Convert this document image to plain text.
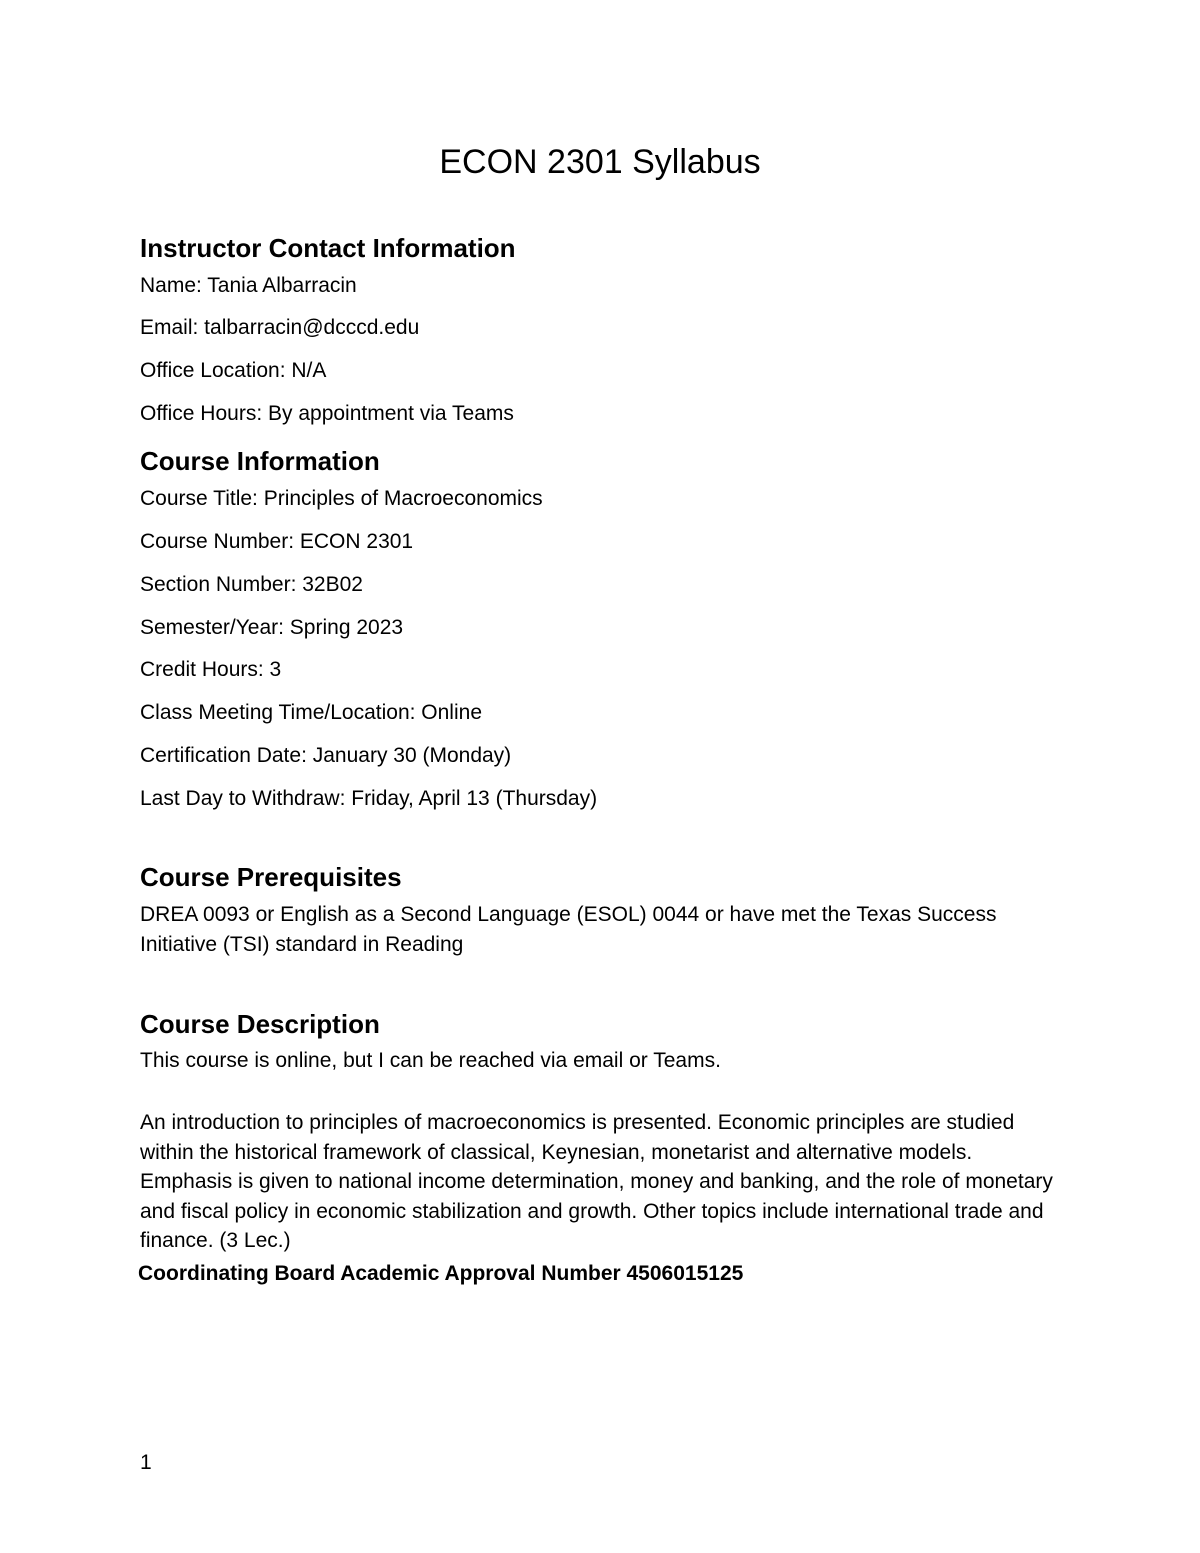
ECON 2301 Syllabus
Instructor Contact Information

Name: Tania Albarracin

Email: talbarracin@dcccd.edu

Office Location: N/A

Office Hours: By appointment via Teams

Course Information

Course Title: Principles of Macroeconomics

Course Number: ECON 2301

Section Number: 32B02

Semester/Year: Spring 2023

Credit Hours: 3

Class Meeting Time/Location: Online

Certification Date: January 30 (Monday)

Last Day to Withdraw: Friday, April 13 (Thursday)

Course Prerequisites

DREA 0093 or English as a Second Language (ESOL) 0044 or have met the Texas Success Initiative (TSI) standard in Reading

Course Description

This course is online, but I can be reached via email or Teams.

An introduction to principles of macroeconomics is presented. Economic principles are studied within the historical framework of classical, Keynesian, monetarist and alternative models. Emphasis is given to national income determination, money and banking, and the role of monetary and fiscal policy in economic stabilization and growth. Other topics include international trade and finance. (3 Lec.)

Coordinating Board Academic Approval Number 4506015125

1
